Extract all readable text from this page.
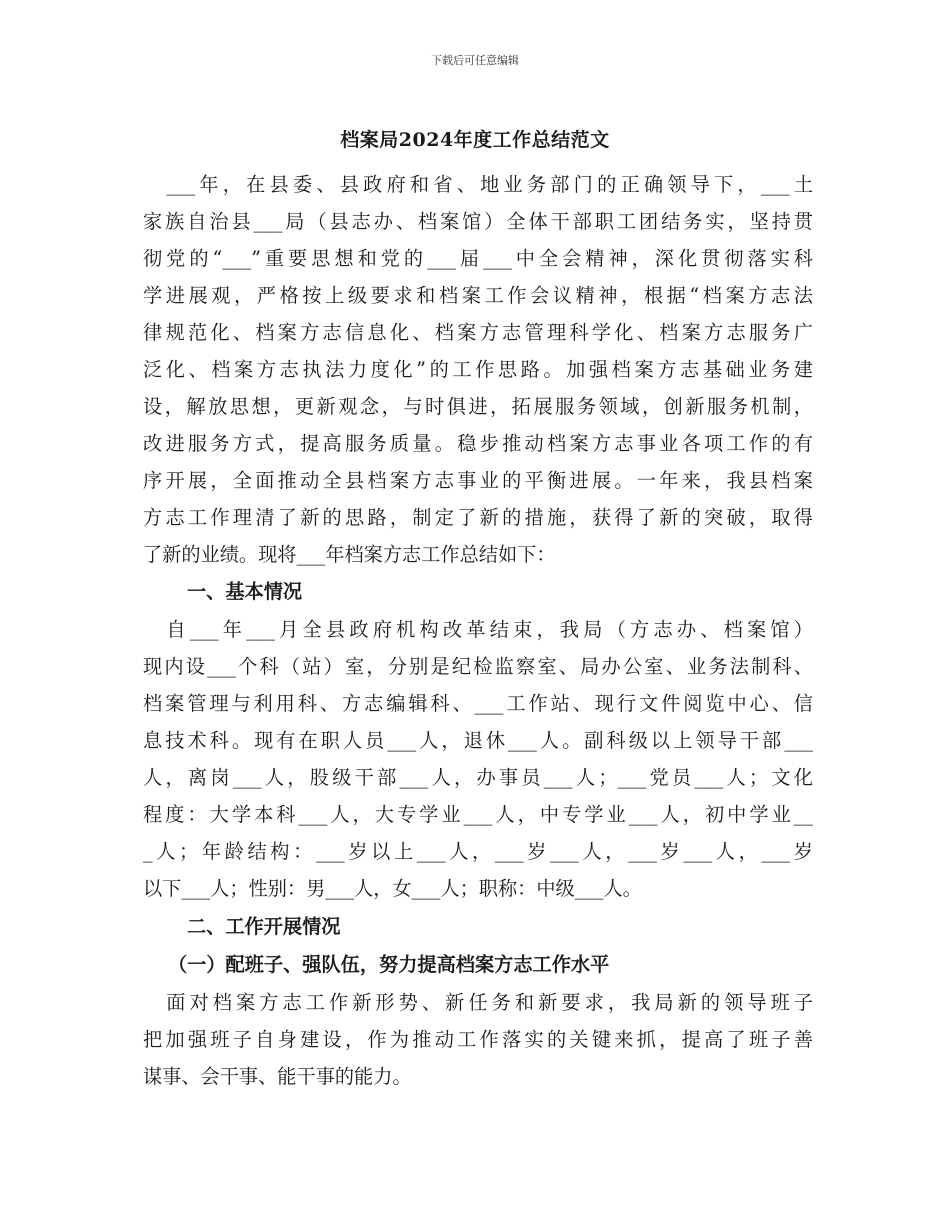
下载后可任意编辑
档案局2024年度工作总结范文
　___年，在县委、县政府和省、地业务部门的正确领导下，___土
家族自治县___局（县志办、档案馆）全体干部职工团结务实，坚持贯
彻党的“___”重要思想和党的___届___中全会精神，深化贯彻落实科
学进展观，严格按上级要求和档案工作会议精神，根据“档案方志法
律规范化、档案方志信息化、档案方志管理科学化、档案方志服务广
泛化、档案方志执法力度化”的工作思路。加强档案方志基础业务建
设，解放思想，更新观念，与时俱进，拓展服务领域，创新服务机制，
改进服务方式，提高服务质量。稳步推动档案方志事业各项工作的有
序开展，全面推动全县档案方志事业的平衡进展。一年来，我县档案
方志工作理清了新的思路，制定了新的措施，获得了新的突破，取得
了新的业绩。现将___年档案方志工作总结如下：
一、基本情况
　自___年___月全县政府机构改革结束，我局（方志办、档案馆）
现内设___个科（站）室，分别是纪检监察室、局办公室、业务法制科、
档案管理与利用科、方志编辑科、___工作站、现行文件阅览中心、信
息技术科。现有在职人员___人，退休___人。副科级以上领导干部___
人，离岗___人，股级干部___人，办事员___人；___党员___人；文化
程度：大学本科___人，大专学业___人，中专学业___人，初中学业__
_人；年龄结构：___岁以上___人，___岁___人，___岁___人，___岁
以下___人；性别：男___人，女___人；职称：中级___人。
二、工作开展情况
（一）配班子、强队伍，努力提高档案方志工作水平
　面对档案方志工作新形势、新任务和新要求，我局新的领导班子
把加强班子自身建设，作为推动工作落实的关键来抓，提高了班子善
谋事、会干事、能干事的能力。
